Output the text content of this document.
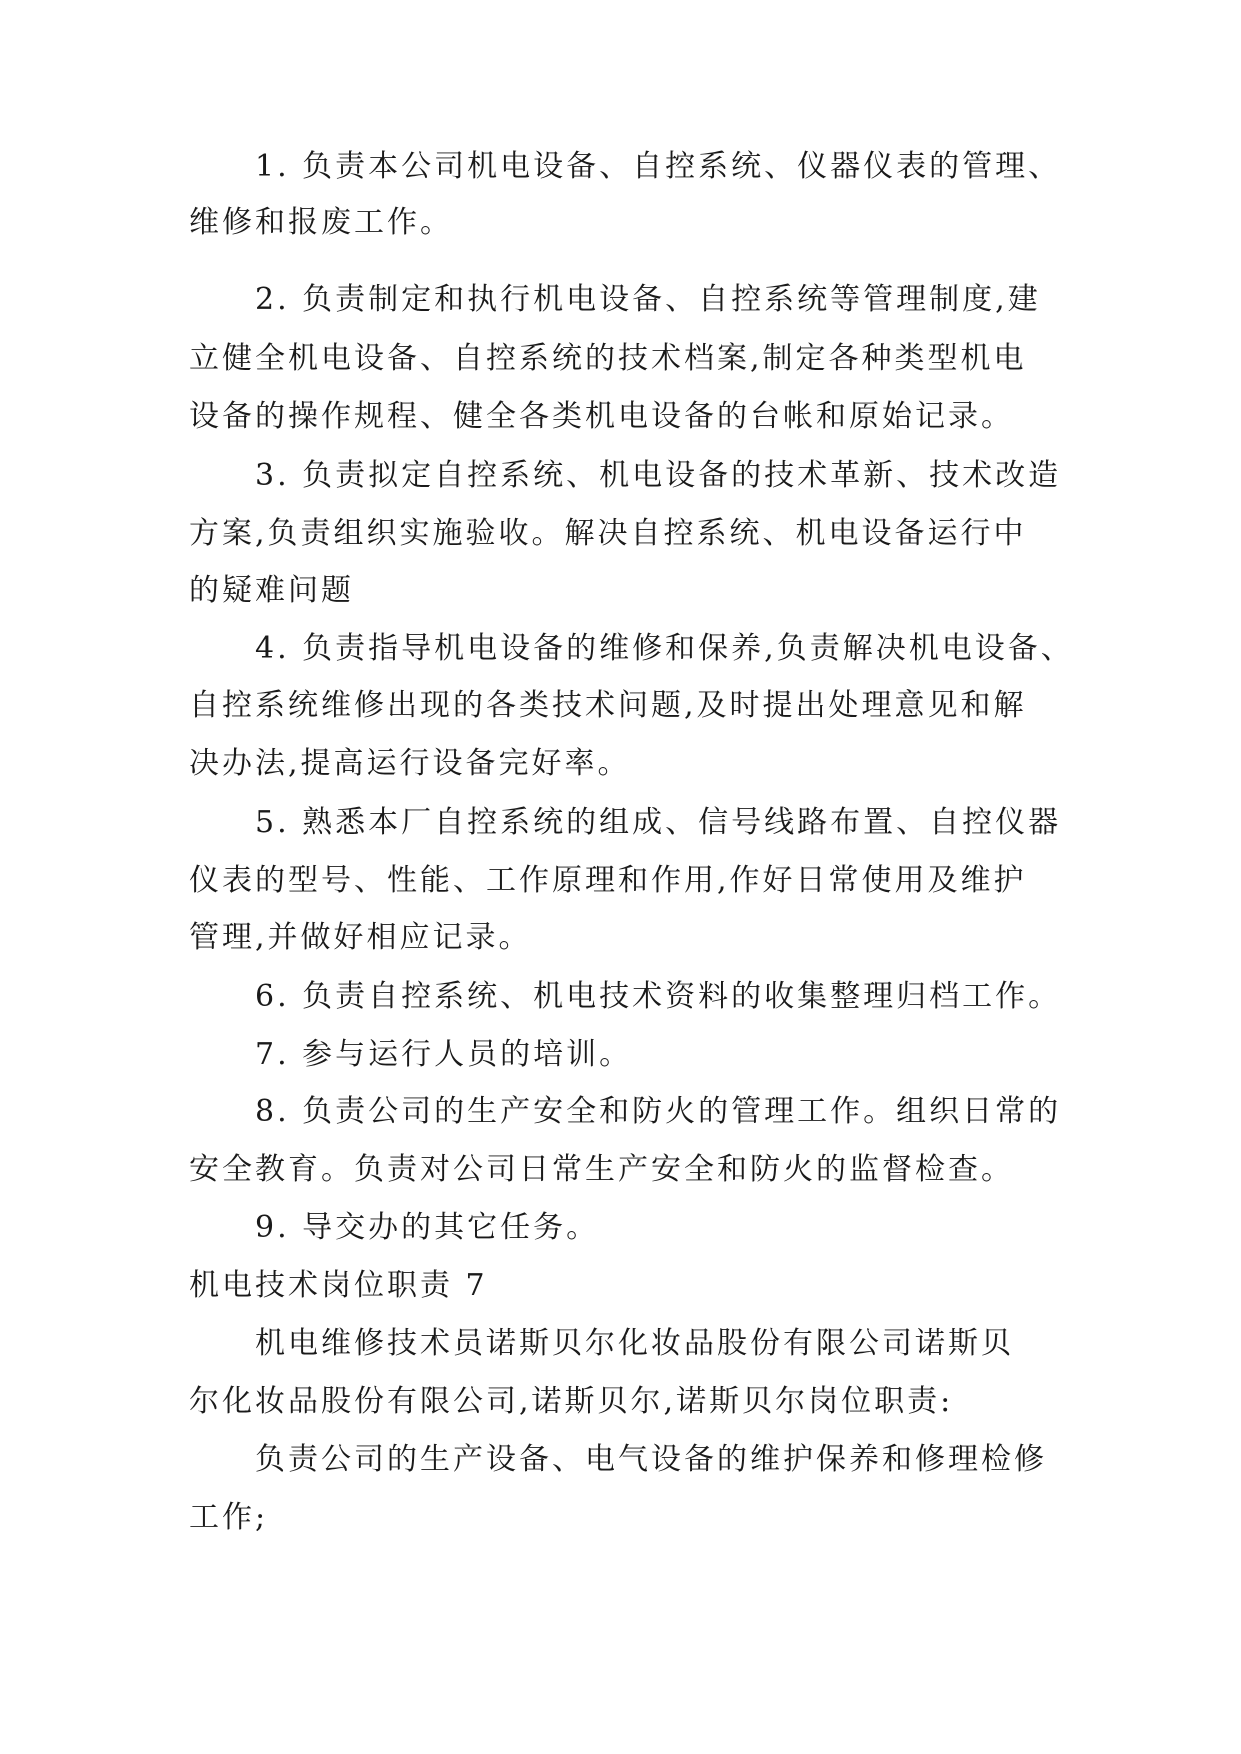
1. 负责本公司机电设备、自控系统、仪器仪表的管理、

维修和报废工作。

2. 负责制定和执行机电设备、自控系统等管理制度,建

立健全机电设备、自控系统的技术档案,制定各种类型机电

设备的操作规程、健全各类机电设备的台帐和原始记录。

3. 负责拟定自控系统、机电设备的技术革新、技术改造

方案,负责组织实施验收。解决自控系统、机电设备运行中

的疑难问题

4. 负责指导机电设备的维修和保养,负责解决机电设备、

自控系统维修出现的各类技术问题,及时提出处理意见和解

决办法,提高运行设备完好率。

5. 熟悉本厂自控系统的组成、信号线路布置、自控仪器

仪表的型号、性能、工作原理和作用,作好日常使用及维护

管理,并做好相应记录。

6. 负责自控系统、机电技术资料的收集整理归档工作。

7. 参与运行人员的培训。

8. 负责公司的生产安全和防火的管理工作。组织日常的

安全教育。负责对公司日常生产安全和防火的监督检查。

9. 导交办的其它任务。

机电技术岗位职责 7

机电维修技术员诺斯贝尔化妆品股份有限公司诺斯贝

尔化妆品股份有限公司,诺斯贝尔,诺斯贝尔岗位职责:

负责公司的生产设备、电气设备的维护保养和修理检修

工作;
